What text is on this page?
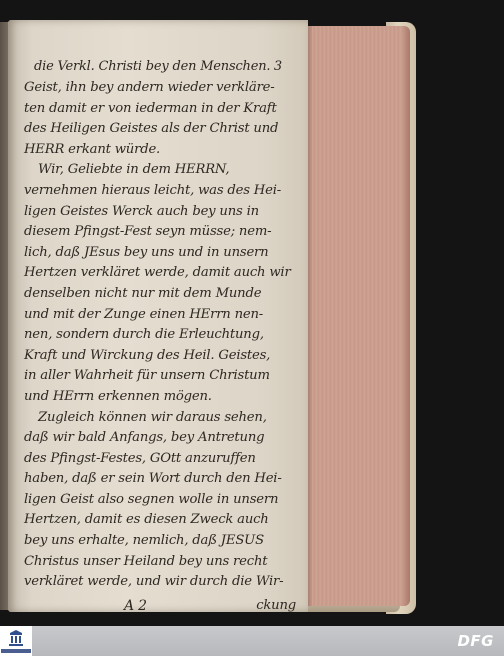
die Verkl. Christi bey den Menschen. 3
Geist, ihn bey andern wieder verkläre-
ten damit er von iederman in der Kraft
des Heiligen Geistes als der Christ und
HERR erkant würde.
Wir, Geliebte in dem HERRN,
vernehmen hieraus leicht, was des Hei-
ligen Geistes Werck auch bey uns in
diesem Pfingst-Fest seyn müsse; nem-
lich, daß JEsus bey uns und in unsern
Hertzen verkläret werde, damit auch wir
denselben nicht nur mit dem Munde
und mit der Zunge einen HErrn nen-
nen, sondern durch die Erleuchtung,
Kraft und Wirckung des Heil. Geistes,
in aller Wahrheit für unsern Christum
und HErrn erkennen mögen.
Zugleich können wir daraus sehen,
daß wir bald Anfangs, bey Antretung
des Pfingst-Festes, GOtt anzuruffen
haben, daß er sein Wort durch den Hei-
ligen Geist also segnen wolle in unsern
Hertzen, damit es diesen Zweck auch
bey uns erhalte, nemlich, daß JESUS
Christus unser Heiland bey uns recht
verkläret werde, und wir durch die Wir-
A 2	ckung
DFG
